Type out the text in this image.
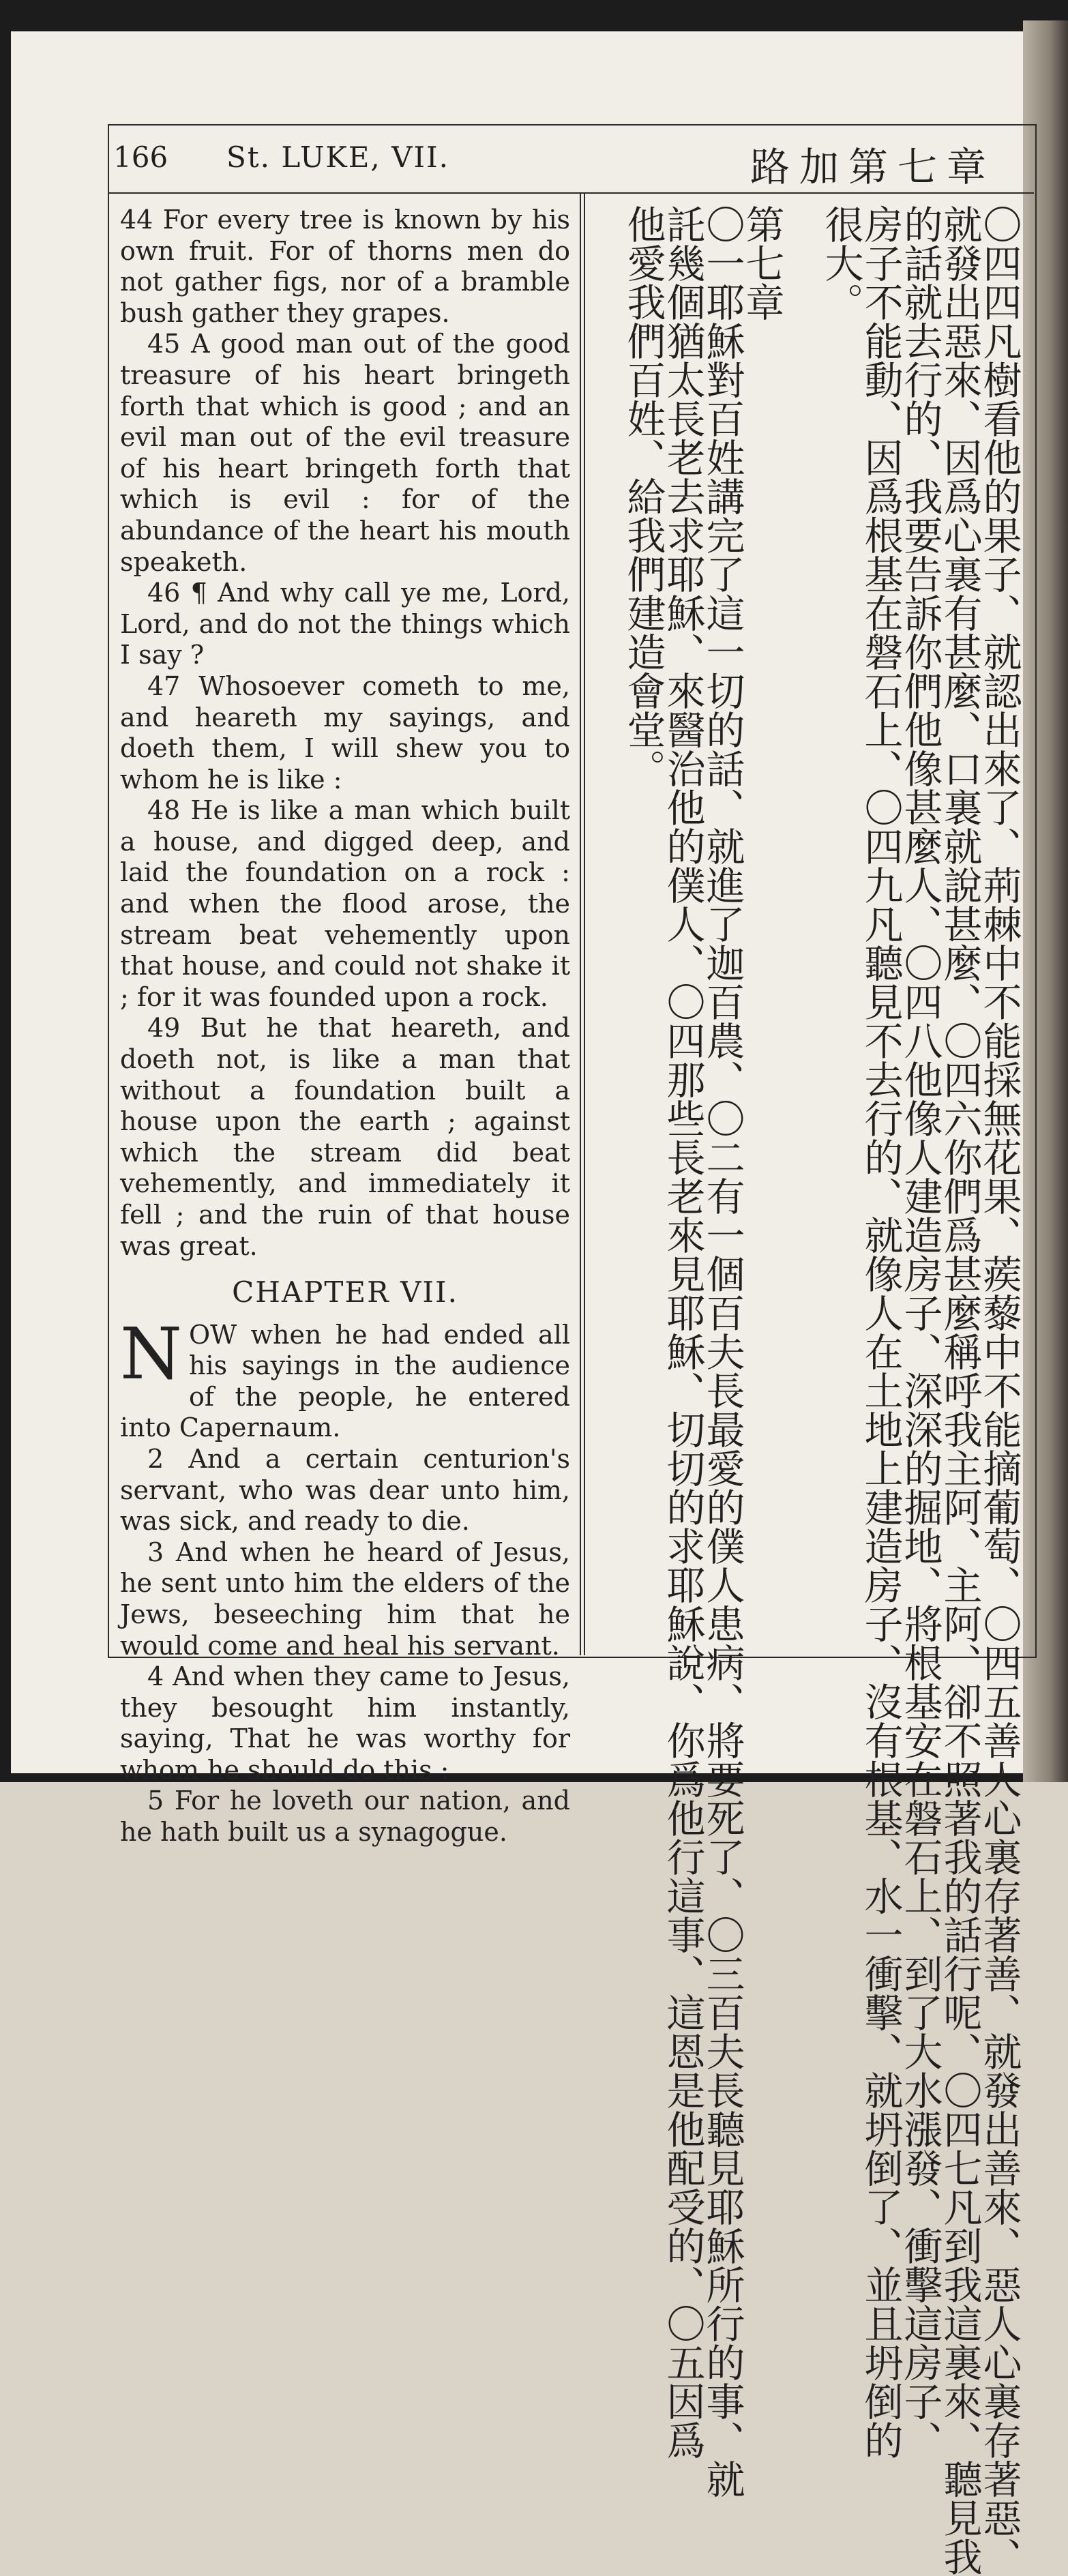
166 St. LUKE, VII.	路加第七章

44 For every tree is known by his own fruit. For of thorns men do not gather figs, nor of a bramble bush gather they grapes.

45 A good man out of the good treasure of his heart bringeth forth that which is good ; and an evil man out of the evil treasure of his heart bringeth forth that which is evil : for of the abundance of the heart his mouth speaketh.

46 ¶ And why call ye me, Lord, Lord, and do not the things which I say ?

47 Whosoever cometh to me, and heareth my sayings, and doeth them, I will shew you to whom he is like :

48 He is like a man which built a house, and digged deep, and laid the foundation on a rock : and when the flood arose, the stream beat vehemently upon that house, and could not shake it ; for it was founded upon a rock.

49 But he that heareth, and doeth not, is like a man that without a foundation built a house upon the earth ; against which the stream did beat vehemently, and immediately it fell ; and the ruin of that house was great.

CHAPTER VII.

NOW when he had ended all his sayings in the audience of the people, he entered into Capernaum.

2 And a certain centurion's servant, who was dear unto him, was sick, and ready to die.

3 And when he heard of Jesus, he sent unto him the elders of the Jews, beseeching him that he would come and heal his servant.

4 And when they came to Jesus, they besought him instantly, saying, That he was worthy for whom he should do this :

5 For he loveth our nation, and he hath built us a synagogue.	〇四四凡樹看他的果子、就認出來了、荊棘中不能採無花果、蒺藜中不能摘葡萄、〇四五善人心裏存著善、就發出善來、惡人心裏存著惡、
就發出惡來、因爲心裏有甚麼、口裏就說甚麼、〇四六你們爲甚麼稱呼我主阿、主阿、卻不照著我的話行呢、〇四七凡到我這裏來、聽見我
的話就去行的、我要告訴你們他像甚麼人、〇四八他像人建造房子、深深的掘地、將根基安在磐石上、到了大水漲發、衝擊這房子、
房子不能動、因爲根基在磐石上、〇四九凡聽見不去行的、就像人在土地上建造房子、沒有根基、水一衝擊、就坍倒了、並且坍倒的
很大。
第七章
〇一耶穌對百姓講完了這一切的話、就進了迦百農、〇二有一個百夫長最愛的僕人患病、將要死了、〇三百夫長聽見耶穌所行的事、就
託幾個猶太長老去求耶穌、來醫治他的僕人、〇四那些長老來見耶穌、切切的求耶穌說、你爲他行這事、這恩是他配受的、〇五因爲
他愛我們百姓、給我們建造會堂。
